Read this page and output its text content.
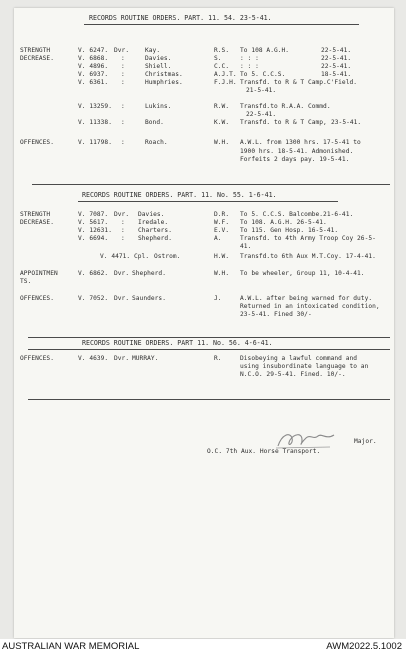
RECORDS ROUTINE ORDERS. PART. 11. 54. 23-5-41.
STRENGTH
DECREASE.
V. 6247. Dvr.	Kay.	R.S. To 108 A.G.H.	22-5-41.
V. 6868. :	Davies.	S.	: : :	22-5-41.
V. 4896. :	Shiell.	C.C. : : :	22-5-41.
V. 6937. :	Christmas.	A.J.T. To 5. C.C.S.	18-5-41.
V. 6361. :	Humphries.	F.J.H. Transfd. to R & T Camp.C'Field.
21-5-41.
V. 13259. :	Lukins.	R.W. Transfd.to R.A.A. Commd.
22-5-41.
V. 11338. :	Bond.	K.W. Transfd. to R & T Camp, 23-5-41.
OFFENCES.	V. 11798. :	Roach.	W.H. A.W.L. from 1300 hrs. 17-5-41 to 1900 hrs. 18-5-41. Admonished. Forfeits 2 days pay. 19-5-41.
RECORDS ROUTINE ORDERS. PART. 11. No. 55. 1-6-41.
STRENGTH
DECREASE.
V. 7087. Dvr. Davies.	D.R. To 5. C.C.S. Balcombe.21-6-41.
V. 5617. : Iredale.	W.F. To 108. A.G.H. 26-5-41.
V. 12631. : Charters.	E.V. To 115. Gen Hosp. 16-5-41.
V. 6694. : Shepherd.	A.	Transfd. to 4th Army Troop Coy 26-5-41.
V. 4471. Cpl. Ostrom.	H.W. Transfd.to 6th Aux M.T.Coy. 17-4-41.
APPOINTMENTS.
V. 6862. Dvr. Shepherd.	W.H. To be wheeler, Group 11, 10-4-41.
OFFENCES.	V. 7052. Dvr. Saunders.	J.	A.W.L. after being warned for duty. Returned in an intoxicated condition, 23-5-41. Fined 30/-
RECORDS ROUTINE ORDERS. PART 11. No. 56. 4-6-41.
OFFENCES.	V. 4639. Dvr. MURRAY.	R.	Disobeying a lawful command and using insubordinate language to an N.C.O. 29-5-41. Fined. 10/-.
Major.
O.C. 7th Aux. Horse Transport.
AUSTRALIAN WAR MEMORIAL	AWM2022.5.1002
